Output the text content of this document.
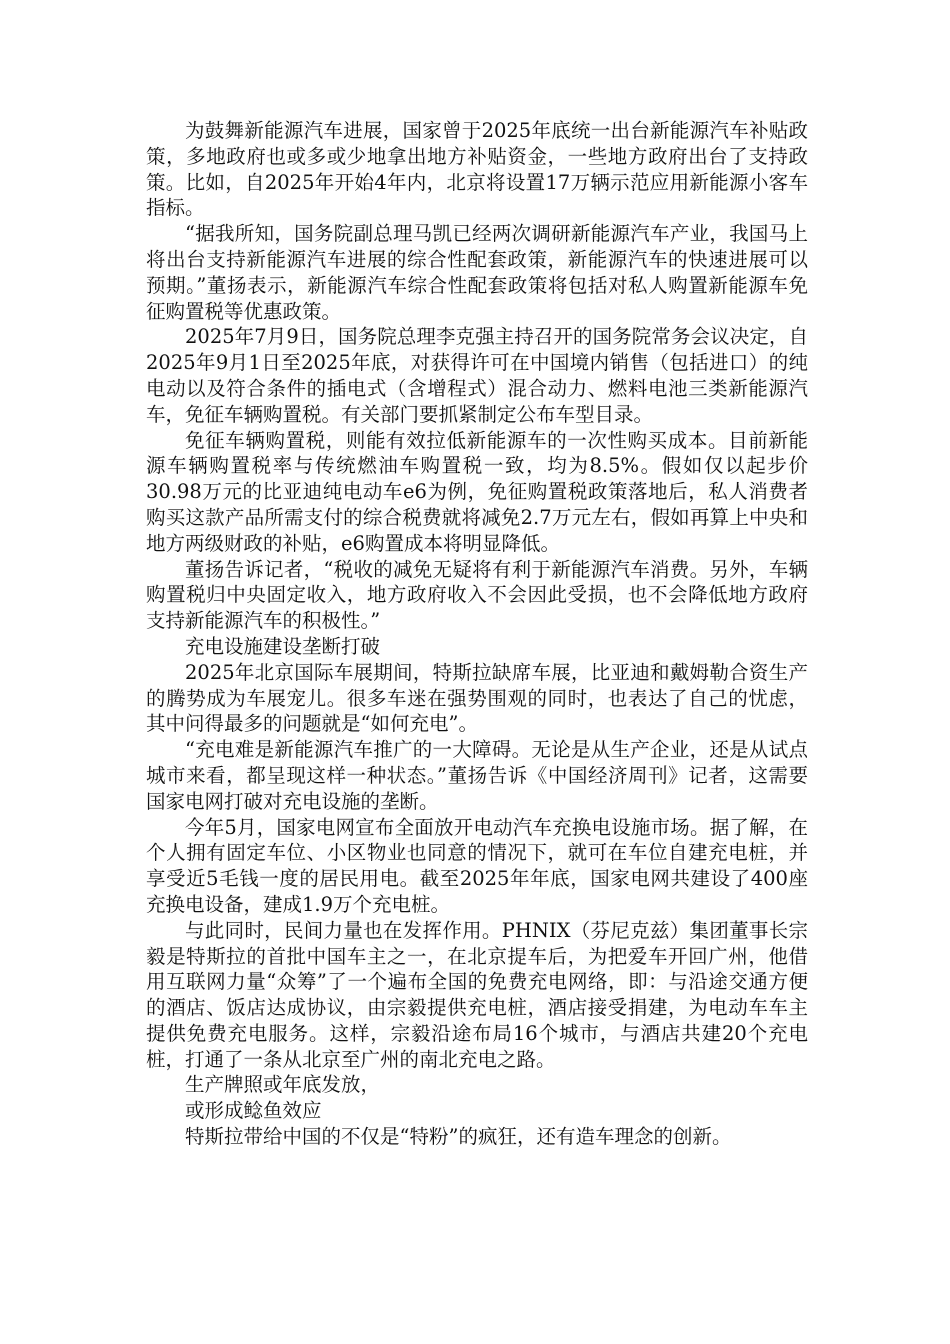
为鼓舞新能源汽车进展，国家曾于2025年底统一出台新能源汽车补贴政策，多地政府也或多或少地拿出地方补贴资金，一些地方政府出台了支持政策。比如，自2025年开始4年内，北京将设置17万辆示范应用新能源小客车指标。

“据我所知，国务院副总理马凯已经两次调研新能源汽车产业，我国马上将出台支持新能源汽车进展的综合性配套政策，新能源汽车的快速进展可以预期。”董扬表示，新能源汽车综合性配套政策将包括对私人购置新能源车免征购置税等优惠政策。

2025年7月9日，国务院总理李克强主持召开的国务院常务会议决定，自2025年9月1日至2025年底，对获得许可在中国境内销售（包括进口）的纯电动以及符合条件的插电式（含增程式）混合动力、燃料电池三类新能源汽车，免征车辆购置税。有关部门要抓紧制定公布车型目录。

免征车辆购置税，则能有效拉低新能源车的一次性购买成本。目前新能源车辆购置税率与传统燃油车购置税一致，均为8.5%。假如仅以起步价30.98万元的比亚迪纯电动车e6为例，免征购置税政策落地后，私人消费者购买这款产品所需支付的综合税费就将减免2.7万元左右，假如再算上中央和地方两级财政的补贴，e6购置成本将明显降低。

董扬告诉记者，“税收的减免无疑将有利于新能源汽车消费。另外，车辆购置税归中央固定收入，地方政府收入不会因此受损，也不会降低地方政府支持新能源汽车的积极性。”

充电设施建设垄断打破

2025年北京国际车展期间，特斯拉缺席车展，比亚迪和戴姆勒合资生产的腾势成为车展宠儿。很多车迷在强势围观的同时，也表达了自己的忧虑，其中问得最多的问题就是“如何充电”。

“充电难是新能源汽车推广的一大障碍。无论是从生产企业，还是从试点城市来看，都呈现这样一种状态。”董扬告诉《中国经济周刊》记者，这需要国家电网打破对充电设施的垄断。

今年5月，国家电网宣布全面放开电动汽车充换电设施市场。据了解，在个人拥有固定车位、小区物业也同意的情况下，就可在车位自建充电桩，并享受近5毛钱一度的居民用电。截至2025年年底，国家电网共建设了400座充换电设备，建成1.9万个充电桩。

与此同时，民间力量也在发挥作用。PHNIX（芬尼克兹）集团董事长宗毅是特斯拉的首批中国车主之一，在北京提车后，为把爱车开回广州，他借用互联网力量“众筹”了一个遍布全国的免费充电网络，即：与沿途交通方便的酒店、饭店达成协议，由宗毅提供充电桩，酒店接受捐建，为电动车车主提供免费充电服务。这样，宗毅沿途布局16个城市，与酒店共建20个充电桩，打通了一条从北京至广州的南北充电之路。

生产牌照或年底发放，

或形成鲶鱼效应

特斯拉带给中国的不仅是“特粉”的疯狂，还有造车理念的创新。
